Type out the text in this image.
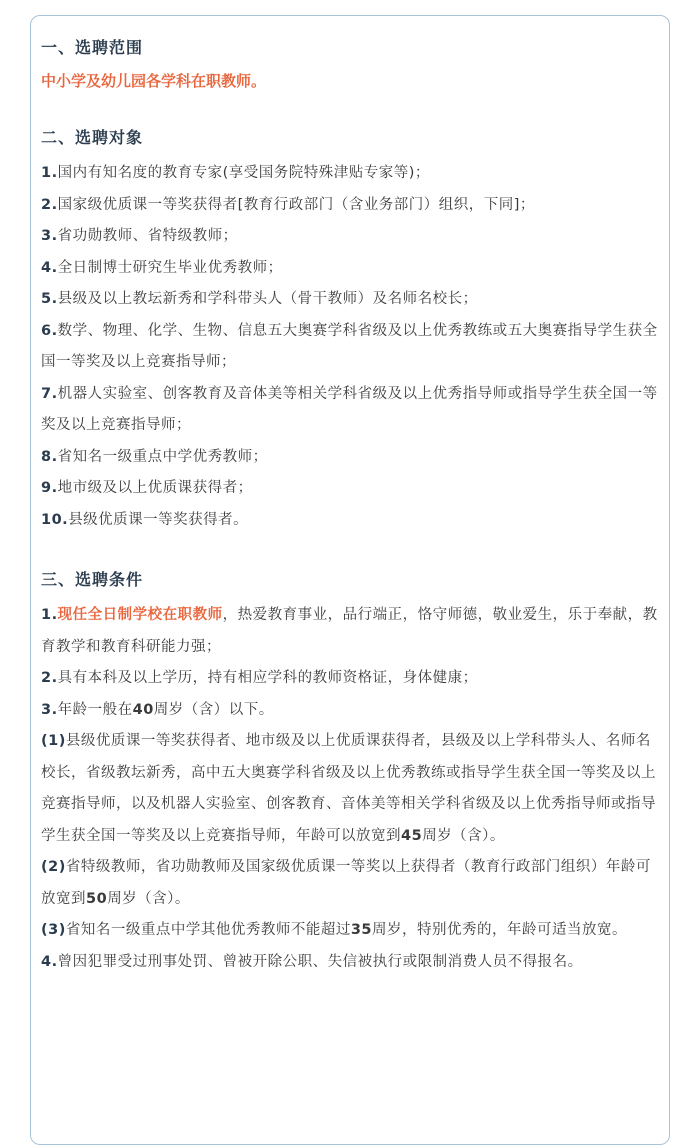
一、选聘范围

中小学及幼儿园各学科在职教师。

二、选聘对象

1.国内有知名度的教育专家(享受国务院特殊津贴专家等)；

2.国家级优质课一等奖获得者[教育行政部门（含业务部门）组织，下同]；

3.省功勋教师、省特级教师；

4.全日制博士研究生毕业优秀教师；

5.县级及以上教坛新秀和学科带头人（骨干教师）及名师名校长；

6.数学、物理、化学、生物、信息五大奥赛学科省级及以上优秀教练或五大奥赛指导学生获全国一等奖及以上竞赛指导师；

7.机器人实验室、创客教育及音体美等相关学科省级及以上优秀指导师或指导学生获全国一等奖及以上竞赛指导师；

8.省知名一级重点中学优秀教师；

9.地市级及以上优质课获得者；

10.县级优质课一等奖获得者。

三、选聘条件

1.现任全日制学校在职教师，热爱教育事业，品行端正，恪守师德，敬业爱生，乐于奉献，教育教学和教育科研能力强；

2.具有本科及以上学历，持有相应学科的教师资格证，身体健康；

3.年龄一般在40周岁（含）以下。

(1)县级优质课一等奖获得者、地市级及以上优质课获得者，县级及以上学科带头人、名师名校长，省级教坛新秀，高中五大奥赛学科省级及以上优秀教练或指导学生获全国一等奖及以上竞赛指导师，以及机器人实验室、创客教育、音体美等相关学科省级及以上优秀指导师或指导学生获全国一等奖及以上竞赛指导师，年龄可以放宽到45周岁（含）。

(2)省特级教师，省功勋教师及国家级优质课一等奖以上获得者（教育行政部门组织）年龄可放宽到50周岁（含）。

(3)省知名一级重点中学其他优秀教师不能超过35周岁，特别优秀的，年龄可适当放宽。

4.曾因犯罪受过刑事处罚、曾被开除公职、失信被执行或限制消费人员不得报名。
